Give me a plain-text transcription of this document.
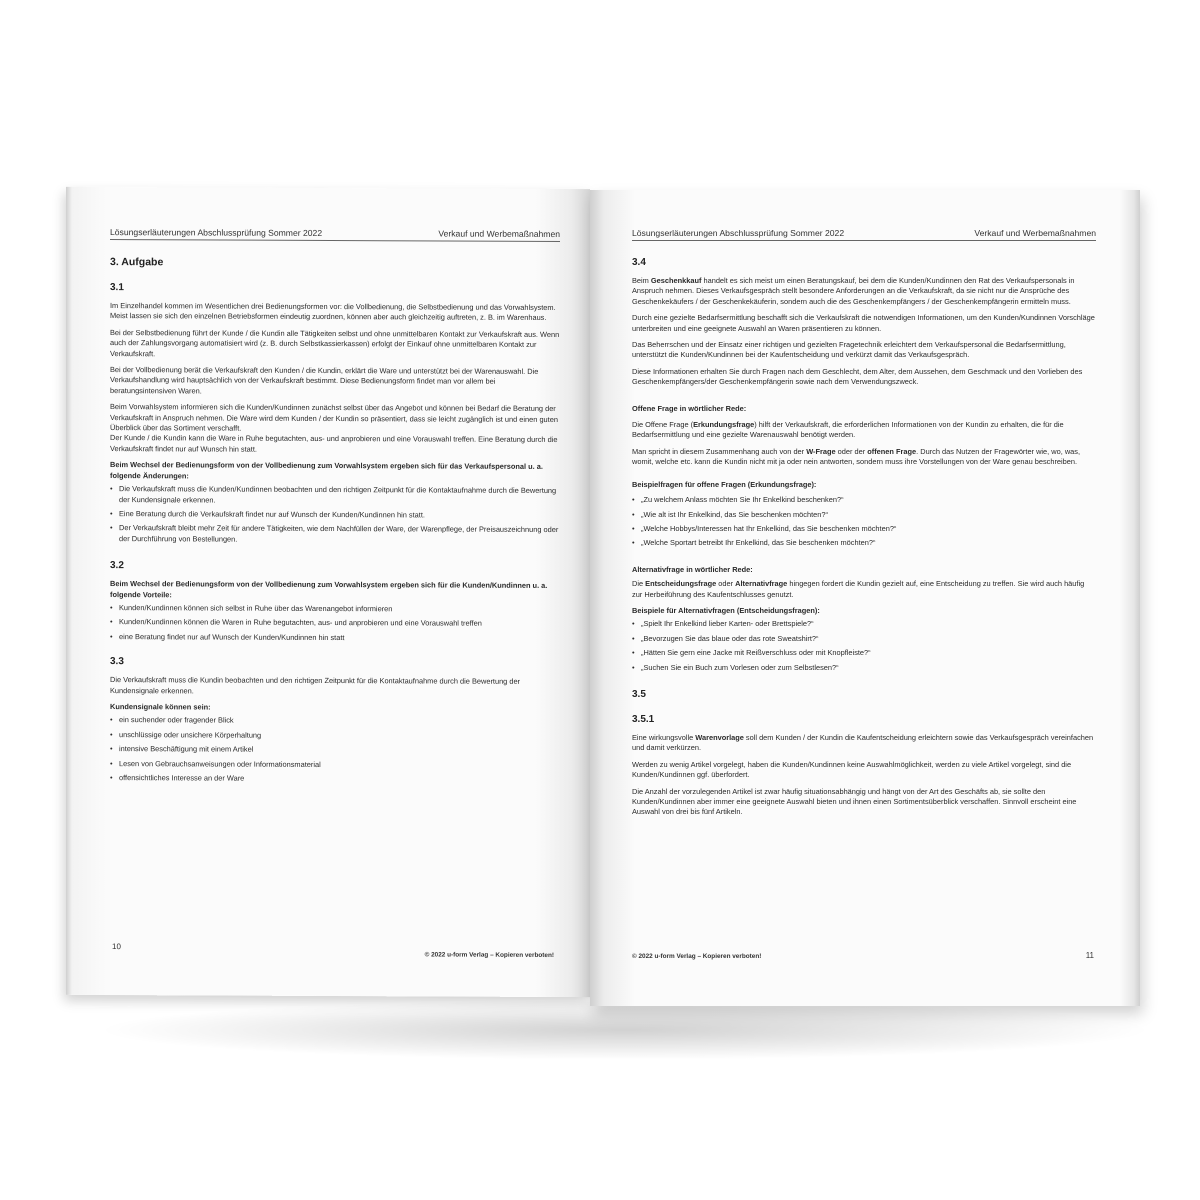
Lösungserläuterungen Abschlussprüfung Sommer 2022	Verkauf und Werbemaßnahmen
3. Aufgabe
3.1

Im Einzelhandel kommen im Wesentlichen drei Bedienungsformen vor: die Vollbedienung, die Selbstbedienung und das Vorwahlsystem. Meist lassen sie sich den einzelnen Betriebsformen eindeutig zuordnen, können aber auch gleichzeitig auftreten, z. B. im Warenhaus.

Bei der Selbstbedienung führt der Kunde / die Kundin alle Tätigkeiten selbst und ohne unmittelbaren Kontakt zur Verkaufskraft aus. Wenn auch der Zahlungsvorgang automatisiert wird (z. B. durch Selbstkassierkassen) erfolgt der Einkauf ohne unmittelbaren Kontakt zur Verkaufskraft.

Bei der Vollbedienung berät die Verkaufskraft den Kunden / die Kundin, erklärt die Ware und unterstützt bei der Warenauswahl. Die Verkaufshandlung wird hauptsächlich von der Verkaufskraft bestimmt. Diese Bedienungsform findet man vor allem bei beratungsintensiven Waren.

Beim Vorwahlsystem informieren sich die Kunden/Kundinnen zunächst selbst über das Angebot und können bei Bedarf die Beratung der Verkaufskraft in Anspruch nehmen. Die Ware wird dem Kunden / der Kundin so präsentiert, dass sie leicht zugänglich ist und einen guten Überblick über das Sortiment verschafft.

Der Kunde / die Kundin kann die Ware in Ruhe begutachten, aus- und anprobieren und eine Vorauswahl treffen. Eine Beratung durch die Verkaufskraft findet nur auf Wunsch hin statt.

Beim Wechsel der Bedienungsform von der Vollbedienung zum Vorwahlsystem ergeben sich für das Verkaufspersonal u. a. folgende Änderungen:
• Die Verkaufskraft muss die Kunden/Kundinnen beobachten und den richtigen Zeitpunkt für die Kontaktaufnahme durch die Bewertung der Kundensignale erkennen.
• Eine Beratung durch die Verkaufskraft findet nur auf Wunsch der Kunden/Kundinnen hin statt.
• Der Verkaufskraft bleibt mehr Zeit für andere Tätigkeiten, wie dem Nachfüllen der Ware, der Warenpflege, der Preisauszeichnung oder der Durchführung von Bestellungen.
3.2
Beim Wechsel der Bedienungsform von der Vollbedienung zum Vorwahlsystem ergeben sich für die Kunden/Kundinnen u. a. folgende Vorteile:
• Kunden/Kundinnen können sich selbst in Ruhe über das Warenangebot informieren
• Kunden/Kundinnen können die Waren in Ruhe begutachten, aus- und anprobieren und eine Vorauswahl treffen
• eine Beratung findet nur auf Wunsch der Kunden/Kundinnen hin statt
3.3

Die Verkaufskraft muss die Kundin beobachten und den richtigen Zeitpunkt für die Kontaktaufnahme durch die Bewertung der Kundensignale erkennen.

Kundensignale können sein:
• ein suchender oder fragender Blick
• unschlüssige oder unsichere Körperhaltung
• intensive Beschäftigung mit einem Artikel
• Lesen von Gebrauchsanweisungen oder Informationsmaterial
• offensichtliches Interesse an der Ware
10
© 2022 u-form Verlag – Kopieren verboten!
Lösungserläuterungen Abschlussprüfung Sommer 2022	Verkauf und Werbemaßnahmen
3.4

Beim Geschenkkauf handelt es sich meist um einen Beratungskauf, bei dem die Kunden/Kundinnen den Rat des Verkaufspersonals in Anspruch nehmen. Dieses Verkaufsgespräch stellt besondere Anforderungen an die Verkaufskraft, da sie nicht nur die Ansprüche des Geschenkekäufers / der Geschenkekäuferin, sondern auch die des Geschenkempfängers / der Geschenkempfängerin ermitteln muss.

Durch eine gezielte Bedarfsermittlung beschafft sich die Verkaufskraft die notwendigen Informationen, um den Kunden/Kundinnen Vorschläge unterbreiten und eine geeignete Auswahl an Waren präsentieren zu können.

Das Beherrschen und der Einsatz einer richtigen und gezielten Fragetechnik erleichtert dem Verkaufspersonal die Bedarfsermittlung, unterstützt die Kunden/Kundinnen bei der Kaufentscheidung und verkürzt damit das Verkaufsgespräch.

Diese Informationen erhalten Sie durch Fragen nach dem Geschlecht, dem Alter, dem Aussehen, dem Geschmack und den Vorlieben des Geschenkempfängers/der Geschenkempfängerin sowie nach dem Verwendungszweck.

Offene Frage in wörtlicher Rede:

Die Offene Frage (Erkundungsfrage) hilft der Verkaufskraft, die erforderlichen Informationen von der Kundin zu erhalten, die für die Bedarfsermittlung und eine gezielte Warenauswahl benötigt werden.

Man spricht in diesem Zusammenhang auch von der W-Frage oder der offenen Frage. Durch das Nutzen der Fragewörter wie, wo, was, womit, welche etc. kann die Kundin nicht mit ja oder nein antworten, sondern muss ihre Vorstellungen von der Ware genau beschreiben.

Beispielfragen für offene Fragen (Erkundungsfrage):
• „Zu welchem Anlass möchten Sie Ihr Enkelkind beschenken?“
• „Wie alt ist Ihr Enkelkind, das Sie beschenken möchten?“
• „Welche Hobbys/Interessen hat Ihr Enkelkind, das Sie beschenken möchten?“
• „Welche Sportart betreibt Ihr Enkelkind, das Sie beschenken möchten?“
Alternativfrage in wörtlicher Rede:

Die Entscheidungsfrage oder Alternativfrage hingegen fordert die Kundin gezielt auf, eine Entscheidung zu treffen. Sie wird auch häufig zur Herbeiführung des Kaufentschlusses genutzt.

Beispiele für Alternativfragen (Entscheidungsfragen):
• „Spielt Ihr Enkelkind lieber Karten- oder Brettspiele?“
• „Bevorzugen Sie das blaue oder das rote Sweatshirt?“
• „Hätten Sie gern eine Jacke mit Reißverschluss oder mit Knopfleiste?“
• „Suchen Sie ein Buch zum Vorlesen oder zum Selbstlesen?“
3.5
3.5.1

Eine wirkungsvolle Warenvorlage soll dem Kunden / der Kundin die Kaufentscheidung erleichtern sowie das Verkaufsgespräch vereinfachen und damit verkürzen.

Werden zu wenig Artikel vorgelegt, haben die Kunden/Kundinnen keine Auswahlmöglichkeit, werden zu viele Artikel vorgelegt, sind die Kunden/Kundinnen ggf. überfordert.

Die Anzahl der vorzulegenden Artikel ist zwar häufig situationsabhängig und hängt von der Art des Geschäfts ab, sie sollte den Kunden/Kundinnen aber immer eine geeignete Auswahl bieten und ihnen einen Sortimentsüberblick verschaffen. Sinnvoll erscheint eine Auswahl von drei bis fünf Artikeln.

© 2022 u-form Verlag – Kopieren verboten!	11
